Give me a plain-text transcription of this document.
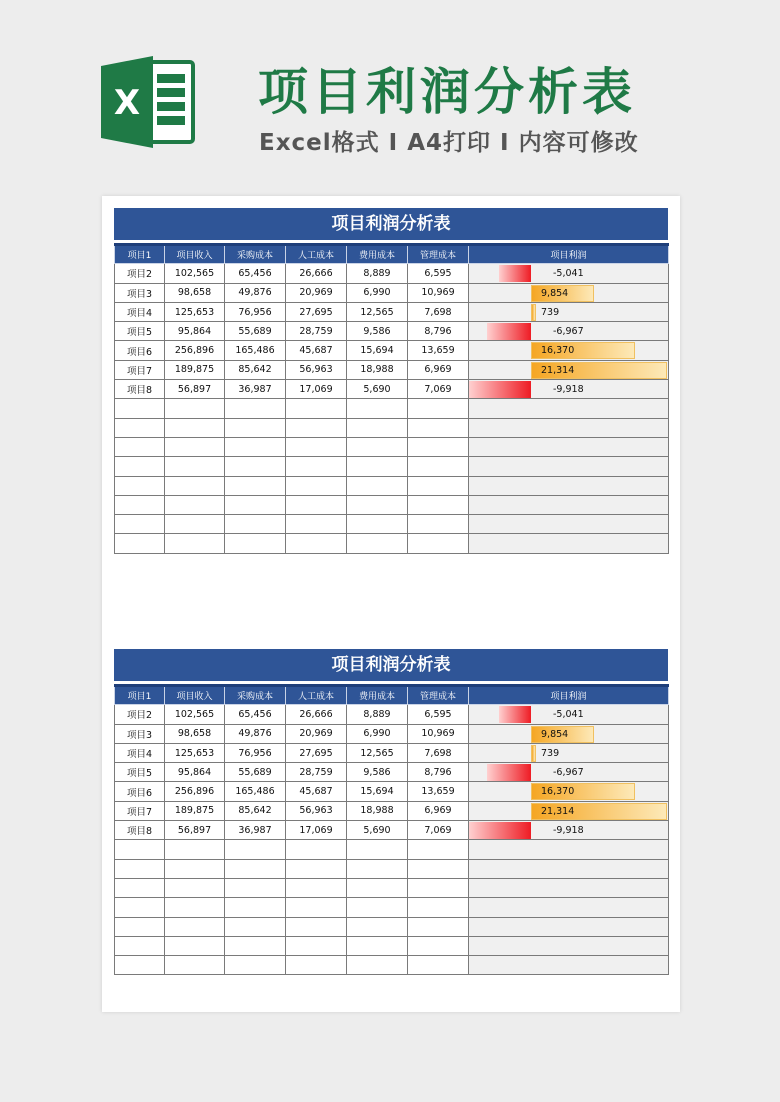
X 项目利润分析表
Excel格式 I A4打印 I 内容可修改
项目利润分析表
项目1	项目收入	采购成本	人工成本	费用成本	管理成本	项目利润
项目2	102,565	65,456	26,666	8,889	6,595	-5,041

项目3	98,658	49,876	20,969	6,990	10,969	9,854

项目4	125,653	76,956	27,695	12,565	7,698	739

项目5	95,864	55,689	28,759	9,586	8,796	-6,967

项目6	256,896	165,486	45,687	15,694	13,659	16,370

项目7	189,875	85,642	56,963	18,988	6,969	21,314

项目8	56,897	36,987	17,069	5,690	7,069	-9,918

项目利润分析表
项目1	项目收入	采购成本	人工成本	费用成本	管理成本	项目利润
项目2	102,565	65,456	26,666	8,889	6,595	-5,041

项目3	98,658	49,876	20,969	6,990	10,969	9,854

项目4	125,653	76,956	27,695	12,565	7,698	739

项目5	95,864	55,689	28,759	9,586	8,796	-6,967

项目6	256,896	165,486	45,687	15,694	13,659	16,370

项目7	189,875	85,642	56,963	18,988	6,969	21,314

项目8	56,897	36,987	17,069	5,690	7,069	-9,918
